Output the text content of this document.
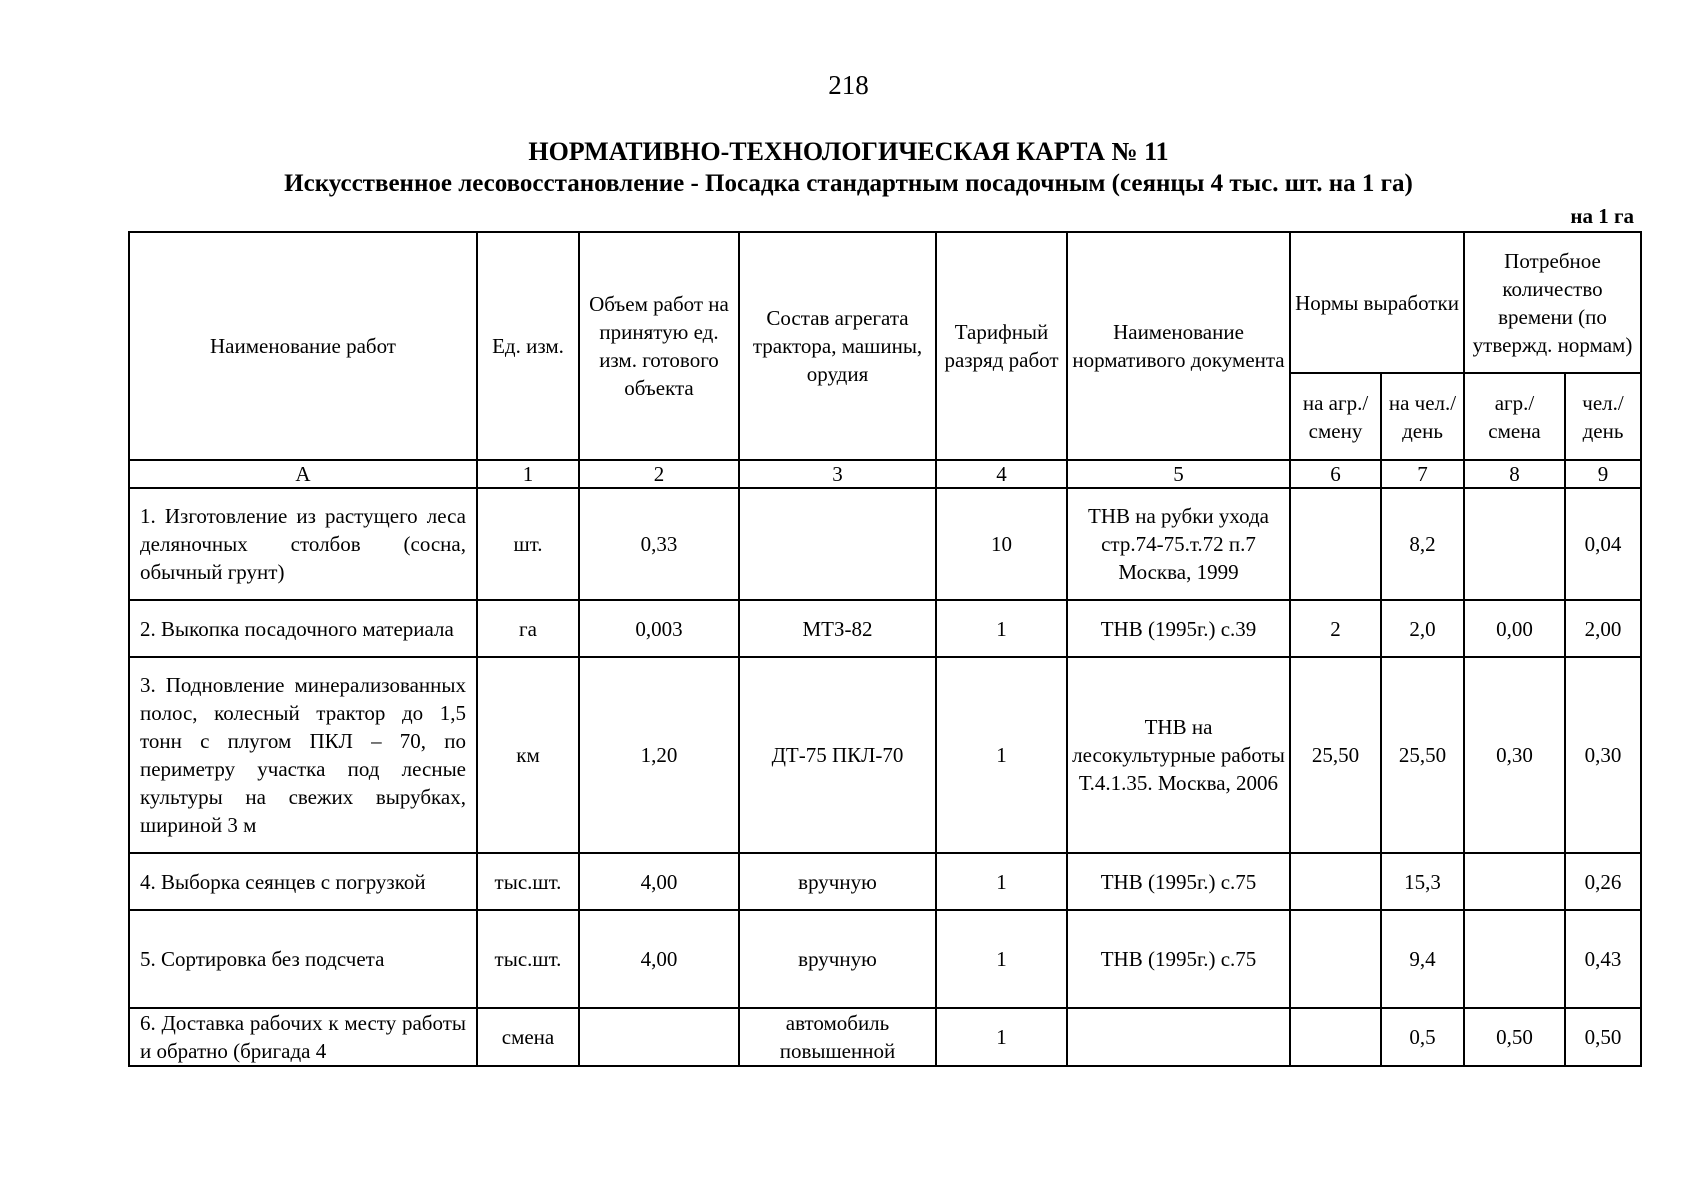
218
НОРМАТИВНО-ТЕХНОЛОГИЧЕСКАЯ КАРТА № 11
Искусственное лесовосстановление - Посадка стандартным посадочным (сеянцы 4 тыс. шт. на 1 га)
на 1 га
Наименование работ	Ед. изм.	Объем работ на принятую ед. изм. готового объекта	Состав агрегата трактора, машины, орудия	Тарифный разряд работ	Наименование нормативого документа	Нормы выработки		Потребное количество времени (по утвержд. нормам)	
						на агр./ смену	на чел./ день	агр./ смена	чел./ день
А	1	2	3	4	5	6	7	8	9
1. Изготовление из растущего леса деляночных столбов (сосна, обычный грунт)	шт.	0,33		10	ТНВ на рубки ухода стр.74-75.т.72 п.7 Москва, 1999		8,2		0,04
2. Выкопка посадочного материала	га	0,003	МТЗ-82	1	ТНВ (1995г.) с.39	2	2,0	0,00	2,00
3. Подновление минерализованных полос, колесный трактор до 1,5 тонн с плугом ПКЛ – 70, по периметру участка под лесные культуры на свежих вырубках, шириной 3 м	км	1,20	ДТ-75 ПКЛ-70	1	ТНВ на лесокультурные работы Т.4.1.35. Москва, 2006	25,50	25,50	0,30	0,30
4. Выборка сеянцев с погрузкой	тыс.шт.	4,00	вручную	1	ТНВ (1995г.) с.75		15,3		0,26
5. Сортировка без подсчета	тыс.шт.	4,00	вручную	1	ТНВ (1995г.) с.75		9,4		0,43
6. Доставка рабочих к месту работы и обратно (бригада 4	смена		автомобиль повышенной	1			0,5	0,50	0,50
